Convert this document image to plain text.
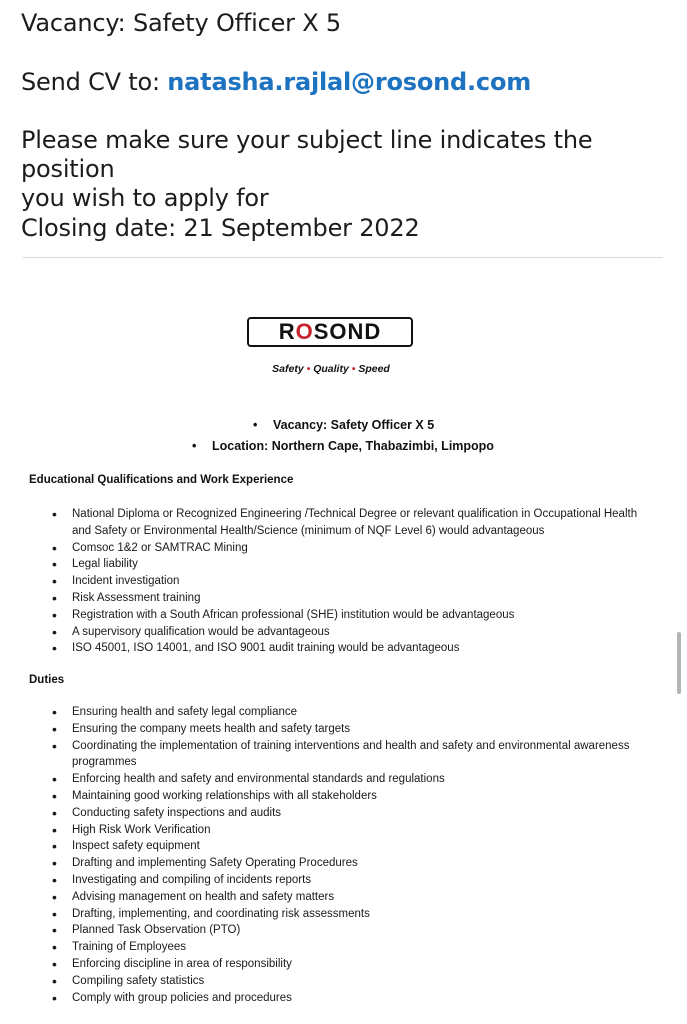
Vacancy: Safety Officer X 5

Send CV to: natasha.rajlal@rosond.com

Please make sure your subject line indicates the position
you wish to apply for

Closing date: 21 September 2022

ROSOND
Safety • Quality • Speed
• Vacancy: Safety Officer X 5
• Location: Northern Cape, Thabazimbi, Limpopo
Educational Qualifications and Work Experience
• National Diploma or Recognized Engineering /Technical Degree or relevant qualification in Occupational Health and Safety or Environmental Health/Science (minimum of NQF Level 6) would advantageous
• Comsoc 1&2 or SAMTRAC Mining
• Legal liability
• Incident investigation
• Risk Assessment training
• Registration with a South African professional (SHE) institution would be advantageous
• A supervisory qualification would be advantageous
• ISO 45001, ISO 14001, and ISO 9001 audit training would be advantageous
Duties
• Ensuring health and safety legal compliance
• Ensuring the company meets health and safety targets
• Coordinating the implementation of training interventions and health and safety and environmental awareness programmes
• Enforcing health and safety and environmental standards and regulations
• Maintaining good working relationships with all stakeholders
• Conducting safety inspections and audits
• High Risk Work Verification
• Inspect safety equipment
• Drafting and implementing Safety Operating Procedures
• Investigating and compiling of incidents reports
• Advising management on health and safety matters
• Drafting, implementing, and coordinating risk assessments
• Planned Task Observation (PTO)
• Training of Employees
• Enforcing discipline in area of responsibility
• Compiling safety statistics
• Comply with group policies and procedures
